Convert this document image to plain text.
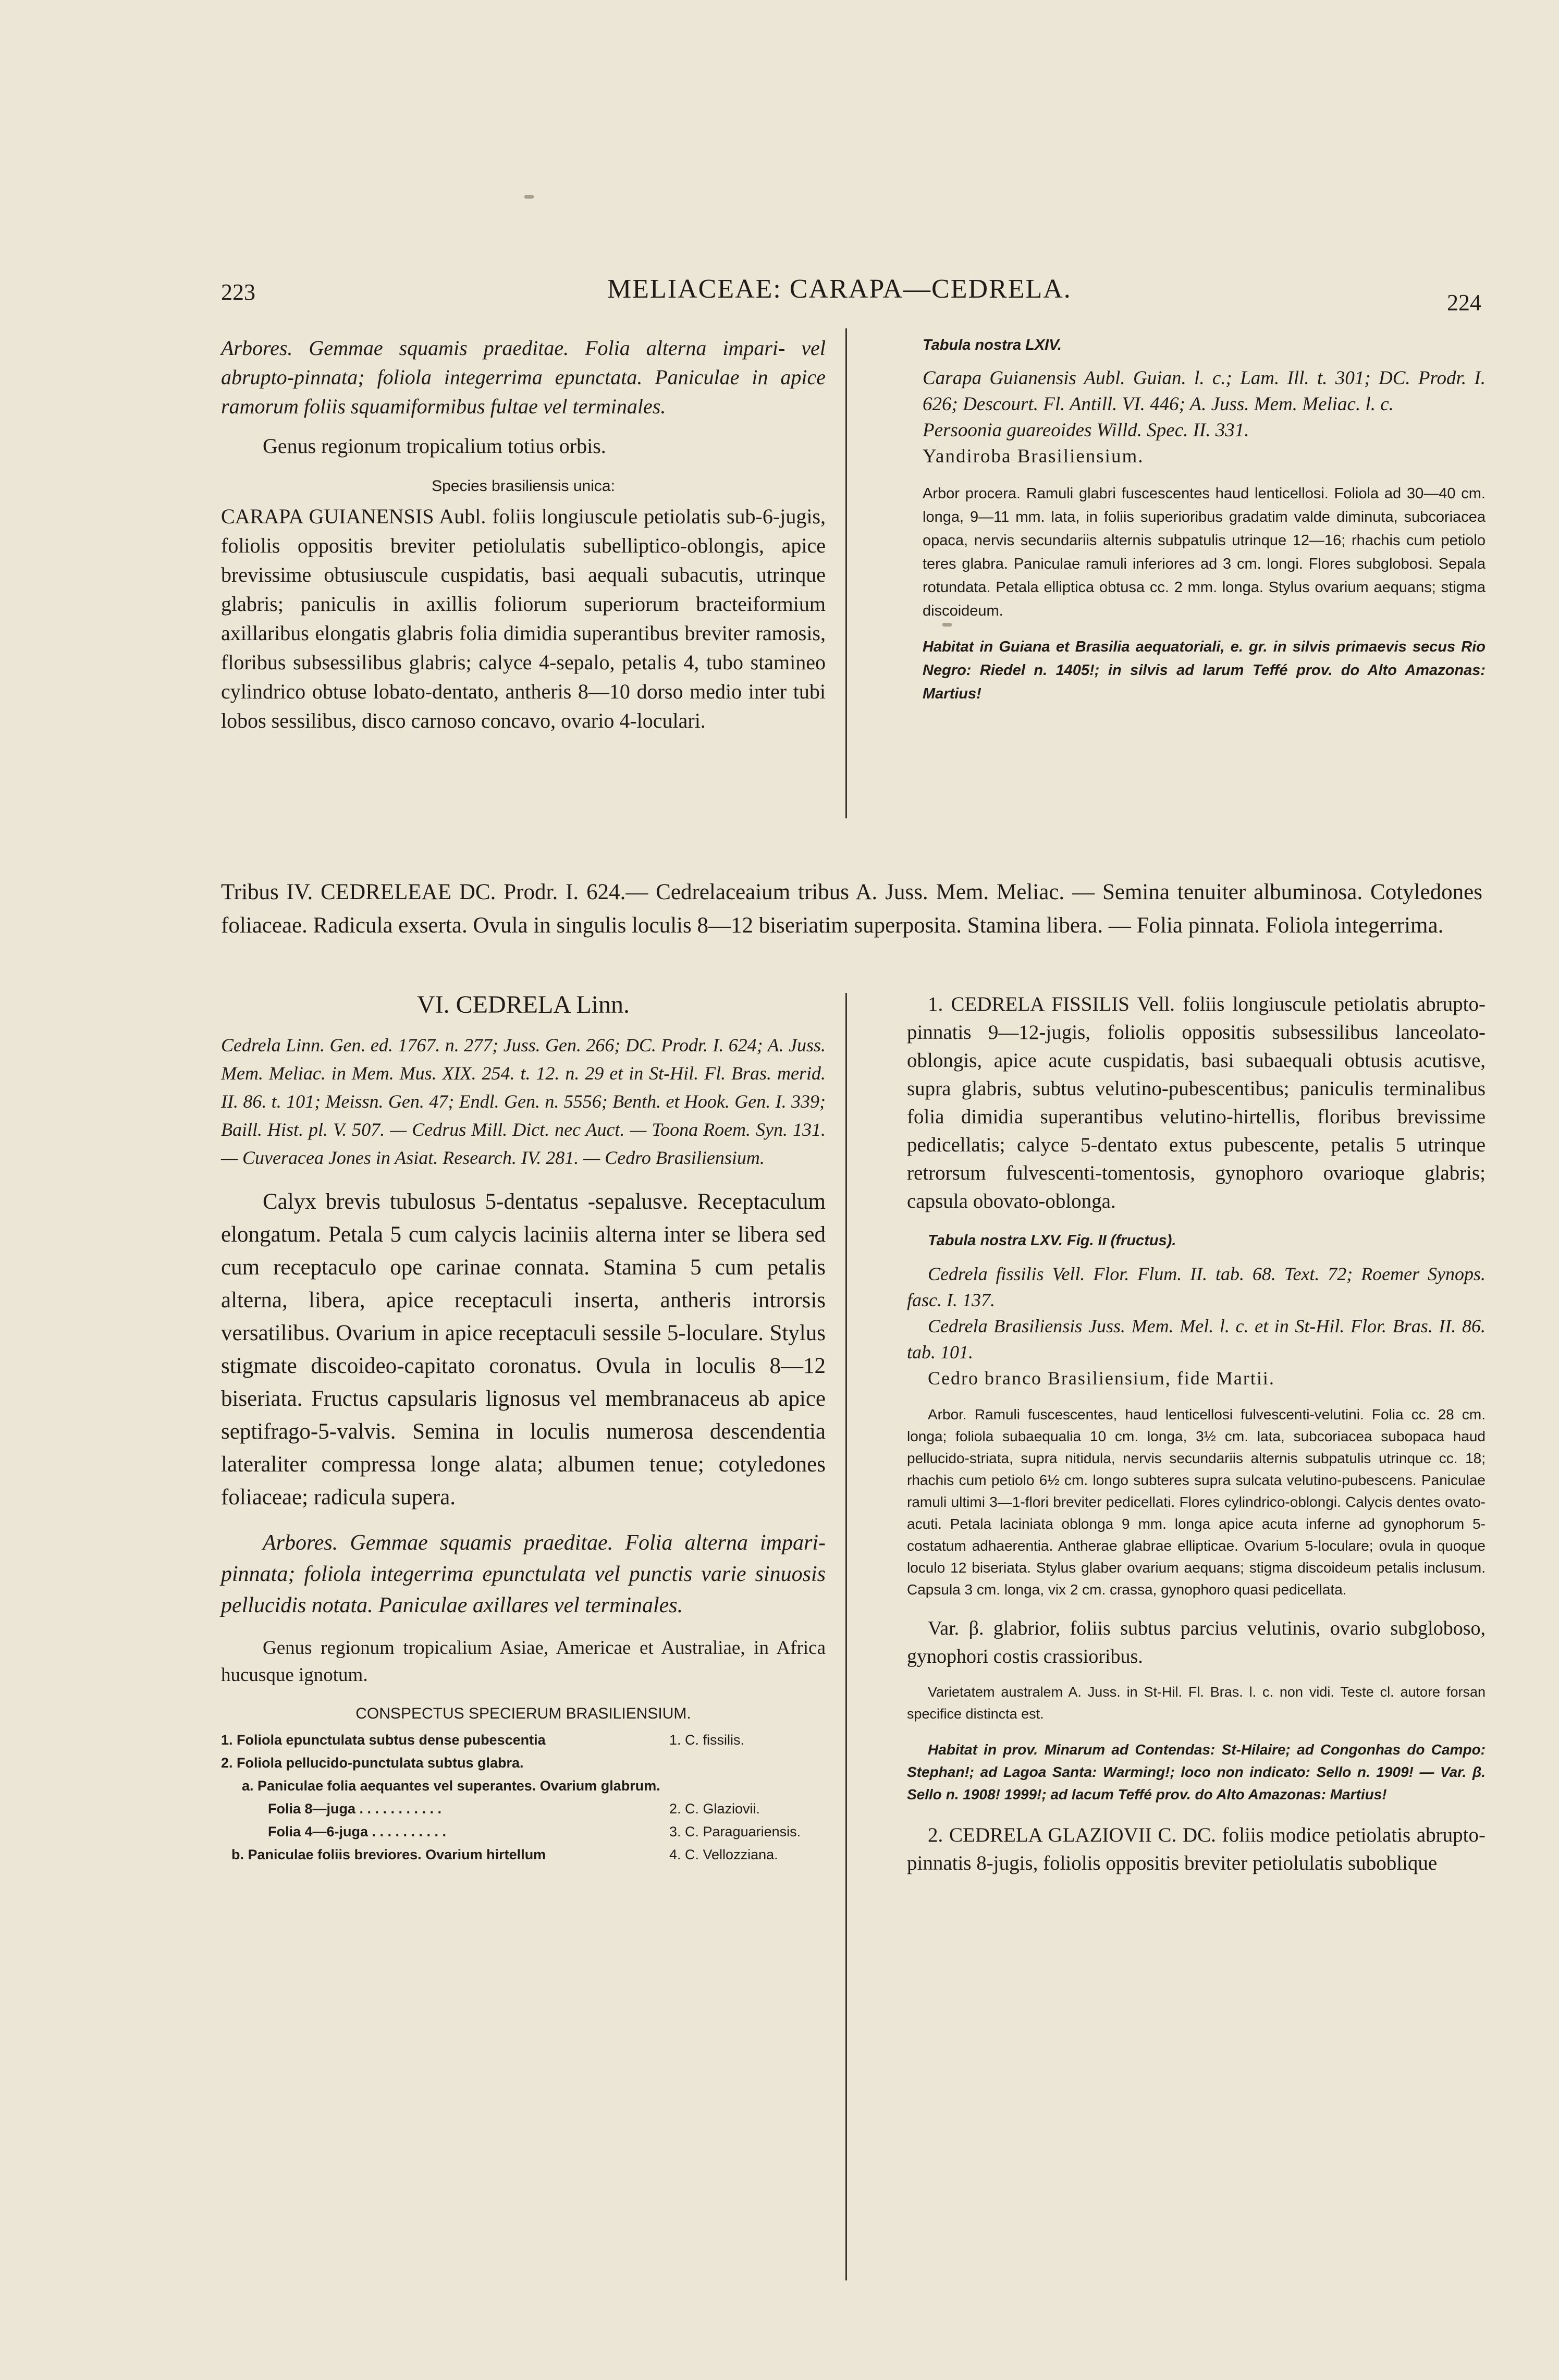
223	MELIACEAE: CARAPA—CEDRELA.	224

Arbores. Gemmae squamis praeditae. Folia alterna impari- vel abrupto-pinnata; foliola integerrima epunctata. Paniculae in apice ramorum foliis squamiformibus fultae vel terminales.

Genus regionum tropicalium totius orbis.

Species brasiliensis unica:

CARAPA GUIANENSIS Aubl. foliis longiuscule petiolatis sub-6-jugis, foliolis oppositis breviter petiolulatis subelliptico-oblongis, apice brevissime obtusiuscule cuspidatis, basi aequali subacutis, utrinque glabris; paniculis in axillis foliorum superiorum bracteiformium axillaribus elongatis glabris folia dimidia superantibus breviter ramosis, floribus subsessilibus glabris; calyce 4-sepalo, petalis 4, tubo stamineo cylindrico obtuse lobato-dentato, antheris 8—10 dorso medio inter tubi lobos sessilibus, disco carnoso concavo, ovario 4-loculari.

Tabula nostra LXIV.
Carapa Guianensis Aubl. Guian. l. c.; Lam. Ill. t. 301; DC. Prodr. I. 626; Descourt. Fl. Antill. VI. 446; A. Juss. Mem. Meliac. l. c.
Persoonia guareoides Willd. Spec. II. 331.
Yandiroba Brasiliensium.
Arbor procera. Ramuli glabri fuscescentes haud lenticellosi. Foliola ad 30—40 cm. longa, 9—11 mm. lata, in foliis superioribus gradatim valde diminuta, subcoriacea opaca, nervis secundariis alternis subpatulis utrinque 12—16; rhachis cum petiolo teres glabra. Paniculae ramuli inferiores ad 3 cm. longi. Flores subglobosi. Sepala rotundata. Petala elliptica obtusa cc. 2 mm. longa. Stylus ovarium aequans; stigma discoideum.
Habitat in Guiana et Brasilia aequatoriali, e. gr. in silvis primaevis secus Rio Negro: Riedel n. 1405!; in silvis ad larum Teffé prov. do Alto Amazonas: Martius!
Tribus IV. CEDRELEAE DC. Prodr. I. 624.— Cedrelaceaium tribus A. Juss. Mem. Meliac. — Semina tenuiter albuminosa. Cotyledones foliaceae. Radicula exserta. Ovula in singulis loculis 8—12 biseriatim superposita. Stamina libera. — Folia pinnata. Foliola integerrima.
VI. CEDRELA Linn.

Cedrela Linn. Gen. ed. 1767. n. 277; Juss. Gen. 266; DC. Prodr. I. 624; A. Juss. Mem. Meliac. in Mem. Mus. XIX. 254. t. 12. n. 29 et in St-Hil. Fl. Bras. merid. II. 86. t. 101; Meissn. Gen. 47; Endl. Gen. n. 5556; Benth. et Hook. Gen. I. 339; Baill. Hist. pl. V. 507. — Cedrus Mill. Dict. nec Auct. — Toona Roem. Syn. 131. — Cuveracea Jones in Asiat. Research. IV. 281. — Cedro Brasiliensium.

Calyx brevis tubulosus 5-dentatus -sepalusve. Receptaculum elongatum. Petala 5 cum calycis laciniis alterna inter se libera sed cum receptaculo ope carinae connata. Stamina 5 cum petalis alterna, libera, apice receptaculi inserta, antheris introrsis versatilibus. Ovarium in apice receptaculi sessile 5-loculare. Stylus stigmate discoideo-capitato coronatus. Ovula in loculis 8—12 biseriata. Fructus capsularis lignosus vel membranaceus ab apice septifrago-5-valvis. Semina in loculis numerosa descendentia lateraliter compressa longe alata; albumen tenue; cotyledones foliaceae; radicula supera.

Arbores. Gemmae squamis praeditae. Folia alterna impari-pinnata; foliola integerrima epunctulata vel punctis varie sinuosis pellucidis notata. Paniculae axillares vel terminales.

Genus regionum tropicalium Asiae, Americae et Australiae, in Africa hucusque ignotum.

CONSPECTUS SPECIERUM BRASILIENSIUM.
1. Foliola epunctulata subtus dense pubescentia	1. C. fissilis.
2. Foliola pellucido-punctulata subtus glabra.
a. Paniculae folia aequantes vel superantes. Ovarium glabrum.
Folia 8—juga . . . . . . . . . . .	2. C. Glaziovii.
Folia 4—6-juga . . . . . . . . . .	3. C. Paraguariensis.
b. Paniculae foliis breviores. Ovarium hirtellum	4. C. Vellozziana.

1. CEDRELA FISSILIS Vell. foliis longiuscule petiolatis abrupto-pinnatis 9—12-jugis, foliolis oppositis subsessilibus lanceolato-oblongis, apice acute cuspidatis, basi subaequali obtusis acutisve, supra glabris, subtus velutino-pubescentibus; paniculis terminalibus folia dimidia superantibus velutino-hirtellis, floribus brevissime pedicellatis; calyce 5-dentato extus pubescente, petalis 5 utrinque retrorsum fulvescenti-tomentosis, gynophoro ovarioque glabris; capsula obovato-oblonga.

Tabula nostra LXV. Fig. II (fructus).
Cedrela fissilis Vell. Flor. Flum. II. tab. 68. Text. 72; Roemer Synops. fasc. I. 137.
Cedrela Brasiliensis Juss. Mem. Mel. l. c. et in St-Hil. Flor. Bras. II. 86. tab. 101.
Cedro branco Brasiliensium, fide Martii.
Arbor. Ramuli fuscescentes, haud lenticellosi fulvescenti-velutini. Folia cc. 28 cm. longa; foliola subaequalia 10 cm. longa, 3½ cm. lata, subcoriacea subopaca haud pellucido-striata, supra nitidula, nervis secundariis alternis subpatulis utrinque cc. 18; rhachis cum petiolo 6½ cm. longo subteres supra sulcata velutino-pubescens. Paniculae ramuli ultimi 3—1-flori breviter pedicellati. Flores cylindrico-oblongi. Calycis dentes ovato-acuti. Petala laciniata oblonga 9 mm. longa apice acuta inferne ad gynophorum 5-costatum adhaerentia. Antherae glabrae ellipticae. Ovarium 5-loculare; ovula in quoque loculo 12 biseriata. Stylus glaber ovarium aequans; stigma discoideum petalis inclusum. Capsula 3 cm. longa, vix 2 cm. crassa, gynophoro quasi pedicellata.

Var. β. glabrior, foliis subtus parcius velutinis, ovario subgloboso, gynophori costis crassioribus.

Varietatem australem A. Juss. in St-Hil. Fl. Bras. l. c. non vidi. Teste cl. autore forsan specifice distincta est.
Habitat in prov. Minarum ad Contendas: St-Hilaire; ad Congonhas do Campo: Stephan!; ad Lagoa Santa: Warming!; loco non indicato: Sello n. 1909! — Var. β. Sello n. 1908! 1999!; ad lacum Teffé prov. do Alto Amazonas: Martius!

2. CEDRELA GLAZIOVII C. DC. foliis modice petiolatis abrupto-pinnatis 8-jugis, foliolis oppositis breviter petiolulatis suboblique
